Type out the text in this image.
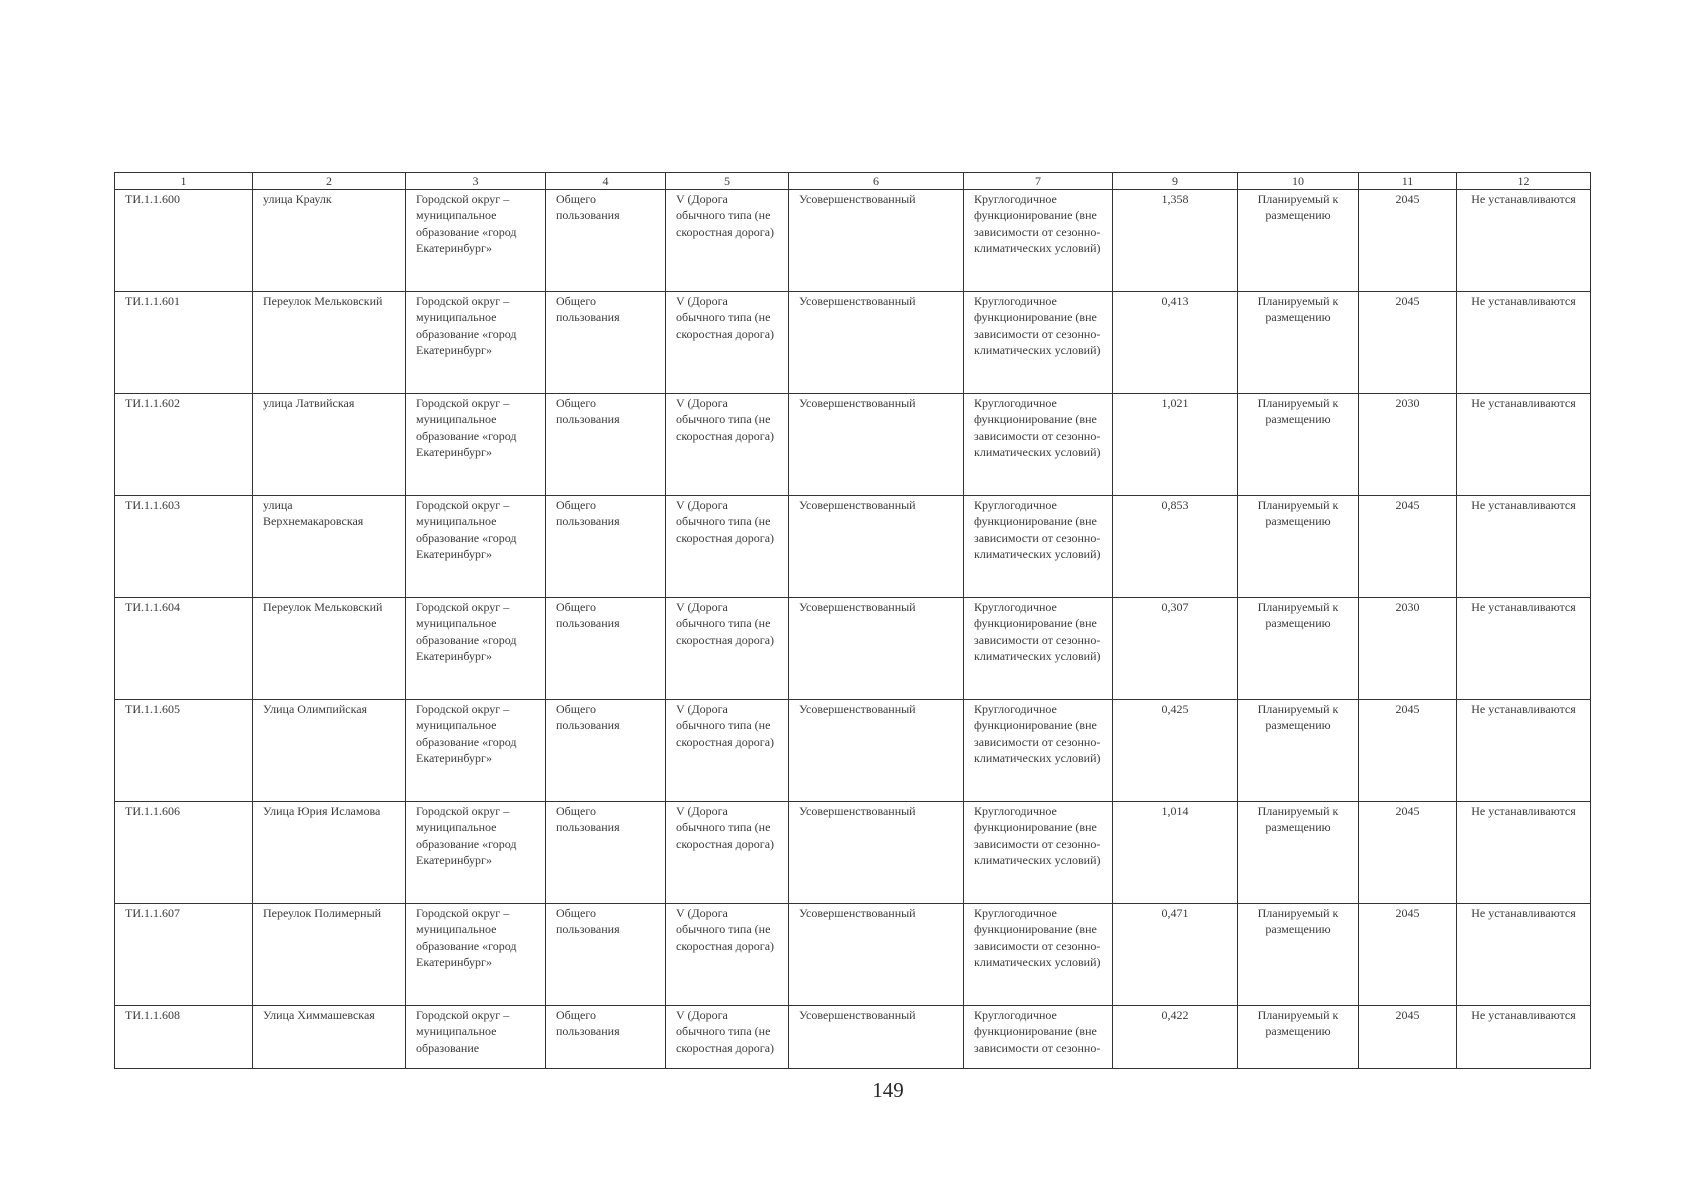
1	2	3	4	5	6	7	9	10	11	12
ТИ.1.1.600	улица Краулк	Городской округ – муниципальное образование «город Екатеринбург»	Общего пользования	V (Дорога обычного типа (не скоростная дорога)	Усовершенствованный	Круглогодичное функционирование (вне зависимости от сезонно-климатических условий)	1,358	Планируемый к размещению	2045	Не устанавливаются
ТИ.1.1.601	Переулок Мельковский	Городской округ – муниципальное образование «город Екатеринбург»	Общего пользования	V (Дорога обычного типа (не скоростная дорога)	Усовершенствованный	Круглогодичное функционирование (вне зависимости от сезонно-климатических условий)	0,413	Планируемый к размещению	2045	Не устанавливаются
ТИ.1.1.602	улица Латвийская	Городской округ – муниципальное образование «город Екатеринбург»	Общего пользования	V (Дорога обычного типа (не скоростная дорога)	Усовершенствованный	Круглогодичное функционирование (вне зависимости от сезонно-климатических условий)	1,021	Планируемый к размещению	2030	Не устанавливаются
ТИ.1.1.603	улица Верхнемакаровская	Городской округ – муниципальное образование «город Екатеринбург»	Общего пользования	V (Дорога обычного типа (не скоростная дорога)	Усовершенствованный	Круглогодичное функционирование (вне зависимости от сезонно-климатических условий)	0,853	Планируемый к размещению	2045	Не устанавливаются
ТИ.1.1.604	Переулок Мельковский	Городской округ – муниципальное образование «город Екатеринбург»	Общего пользования	V (Дорога обычного типа (не скоростная дорога)	Усовершенствованный	Круглогодичное функционирование (вне зависимости от сезонно-климатических условий)	0,307	Планируемый к размещению	2030	Не устанавливаются
ТИ.1.1.605	Улица Олимпийская	Городской округ – муниципальное образование «город Екатеринбург»	Общего пользования	V (Дорога обычного типа (не скоростная дорога)	Усовершенствованный	Круглогодичное функционирование (вне зависимости от сезонно-климатических условий)	0,425	Планируемый к размещению	2045	Не устанавливаются
ТИ.1.1.606	Улица Юрия Исламова	Городской округ – муниципальное образование «город Екатеринбург»	Общего пользования	V (Дорога обычного типа (не скоростная дорога)	Усовершенствованный	Круглогодичное функционирование (вне зависимости от сезонно-климатических условий)	1,014	Планируемый к размещению	2045	Не устанавливаются
ТИ.1.1.607	Переулок Полимерный	Городской округ – муниципальное образование «город Екатеринбург»	Общего пользования	V (Дорога обычного типа (не скоростная дорога)	Усовершенствованный	Круглогодичное функционирование (вне зависимости от сезонно-климатических условий)	0,471	Планируемый к размещению	2045	Не устанавливаются
ТИ.1.1.608	Улица Химмашевская	Городской округ – муниципальное образование	Общего пользования	V (Дорога обычного типа (не скоростная дорога)	Усовершенствованный	Круглогодичное функционирование (вне зависимости от сезонно-	0,422	Планируемый к размещению	2045	Не устанавливаются
149
